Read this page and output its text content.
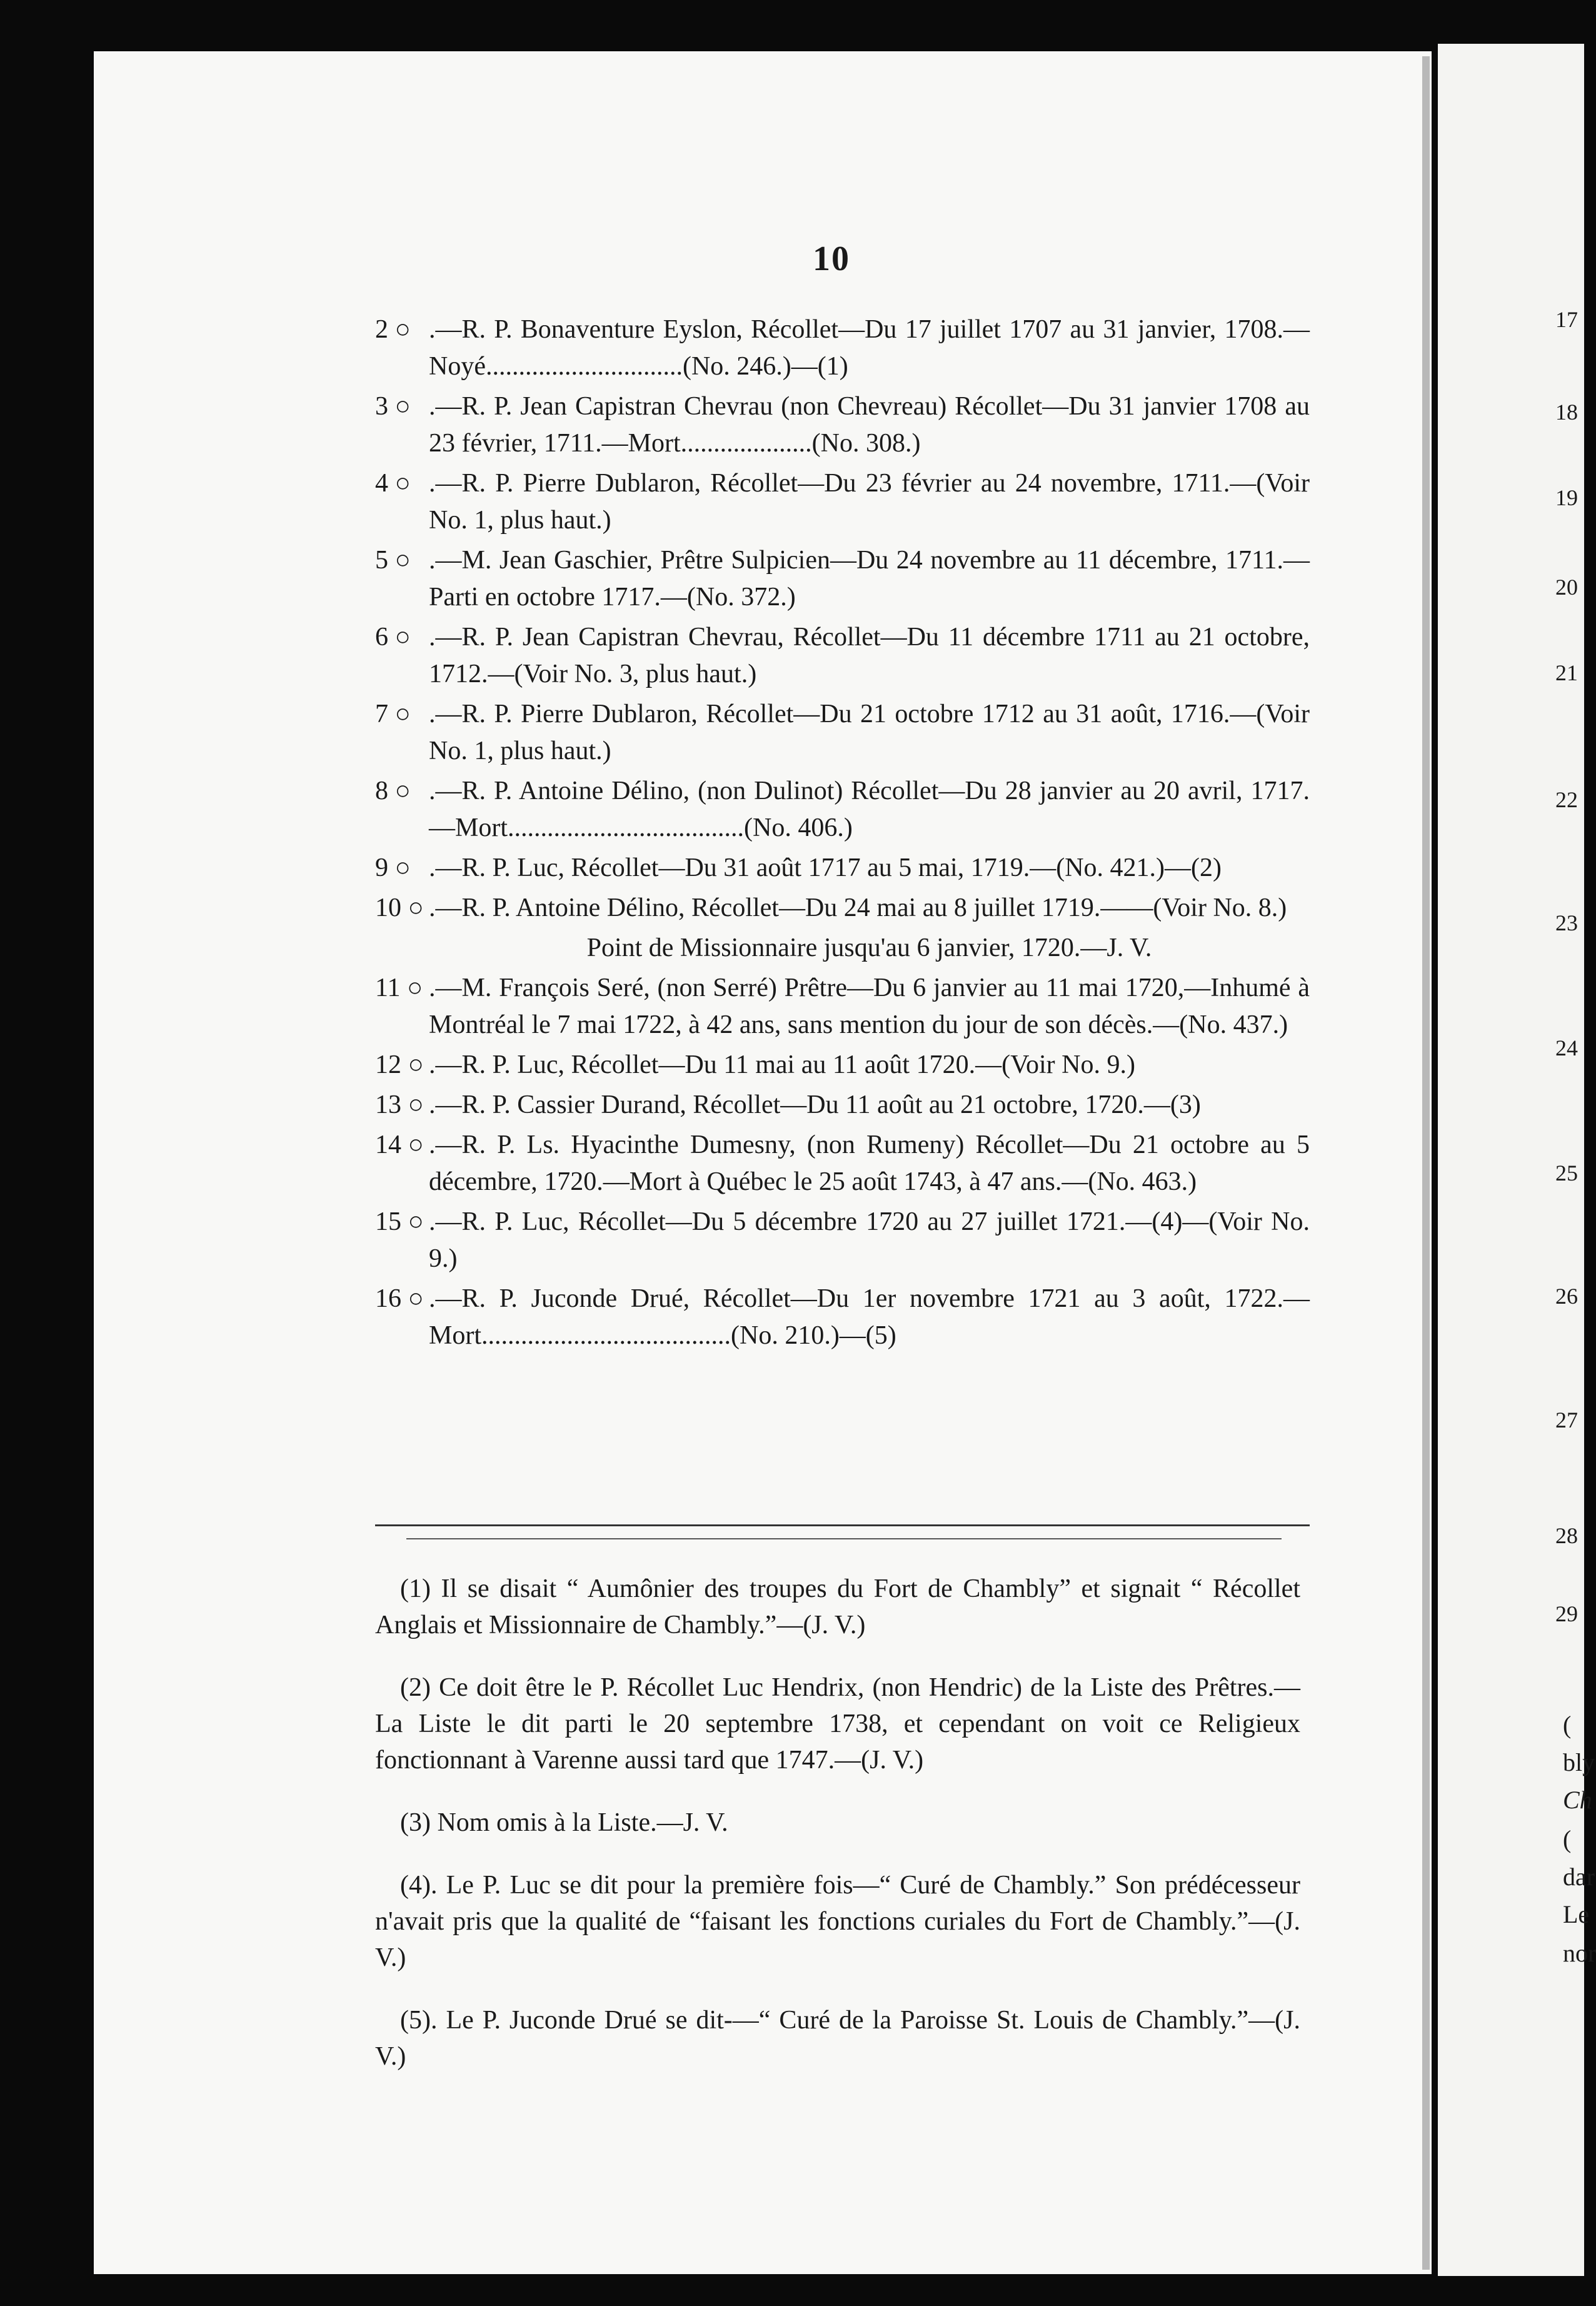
10
2 ○ .—R. P. Bonaventure Eyslon, Récollet—Du 17 juillet 1707 au 31 janvier, 1708.—Noyé..............................(No. 246.)—(1)
3 ○ .—R. P. Jean Capistran Chevrau (non Chevreau) Récollet—Du 31 janvier 1708 au 23 février, 1711.—Mort....................(No. 308.)
4 ○ .—R. P. Pierre Dublaron, Récollet—Du 23 février au 24 novembre, 1711.—(Voir No. 1, plus haut.)
5 ○ .—M. Jean Gaschier, Prêtre Sulpicien—Du 24 novembre au 11 décembre, 1711.—Parti en octobre 1717.—(No. 372.)
6 ○ .—R. P. Jean Capistran Chevrau, Récollet—Du 11 décembre 1711 au 21 octobre, 1712.—(Voir No. 3, plus haut.)
7 ○ .—R. P. Pierre Dublaron, Récollet—Du 21 octobre 1712 au 31 août, 1716.—(Voir No. 1, plus haut.)
8 ○ .—R. P. Antoine Délino, (non Dulinot) Récollet—Du 28 janvier au 20 avril, 1717.—Mort....................................(No. 406.)
9 ○ .—R. P. Luc, Récollet—Du 31 août 1717 au 5 mai, 1719.—(No. 421.)—(2)
10 ○ .—R. P. Antoine Délino, Récollet—Du 24 mai au 8 juillet 1719.——(Voir No. 8.)
Point de Missionnaire jusqu'au 6 janvier, 1720.—J. V.
11 ○ .—M. François Seré, (non Serré) Prêtre—Du 6 janvier au 11 mai 1720,—Inhumé à Montréal le 7 mai 1722, à 42 ans, sans mention du jour de son décès.—(No. 437.)
12 ○ .—R. P. Luc, Récollet—Du 11 mai au 11 août 1720.—(Voir No. 9.)
13 ○ .—R. P. Cassier Durand, Récollet—Du 11 août au 21 octobre, 1720.—(3)
14 ○ .—R. P. Ls. Hyacinthe Dumesny, (non Rumeny) Récollet—Du 21 octobre au 5 décembre, 1720.—Mort à Québec le 25 août 1743, à 47 ans.—(No. 463.)
15 ○ .—R. P. Luc, Récollet—Du 5 décembre 1720 au 27 juillet 1721.—(4)—(Voir No. 9.)
16 ○ .—R. P. Juconde Drué, Récollet—Du 1er novembre 1721 au 3 août, 1722.—Mort......................................(No. 210.)—(5)

(1) Il se disait “ Aumônier des troupes du Fort de Chambly” et signait “ Récollet Anglais et Missionnaire de Chambly.”—(J. V.)

(2) Ce doit être le P. Récollet Luc Hendrix, (non Hendric) de la Liste des Prêtres.—La Liste le dit parti le 20 septembre 1738, et cependant on voit ce Religieux fonctionnant à Varenne aussi tard que 1747.—(J. V.)

(3) Nom omis à la Liste.—J. V.

(4). Le P. Luc se dit pour la première fois—“ Curé de Chambly.” Son prédécesseur n'avait pris que la qualité de “faisant les fonctions curiales du Fort de Chambly.”—(J. V.)

(5). Le P. Juconde Drué se dit-—“ Curé de la Paroisse St. Louis de Chambly.”—(J. V.)

17
18
19
20
21
22
23
24
25
26
27
28
29
(
bly
Ch
(
dar
Le
nor
